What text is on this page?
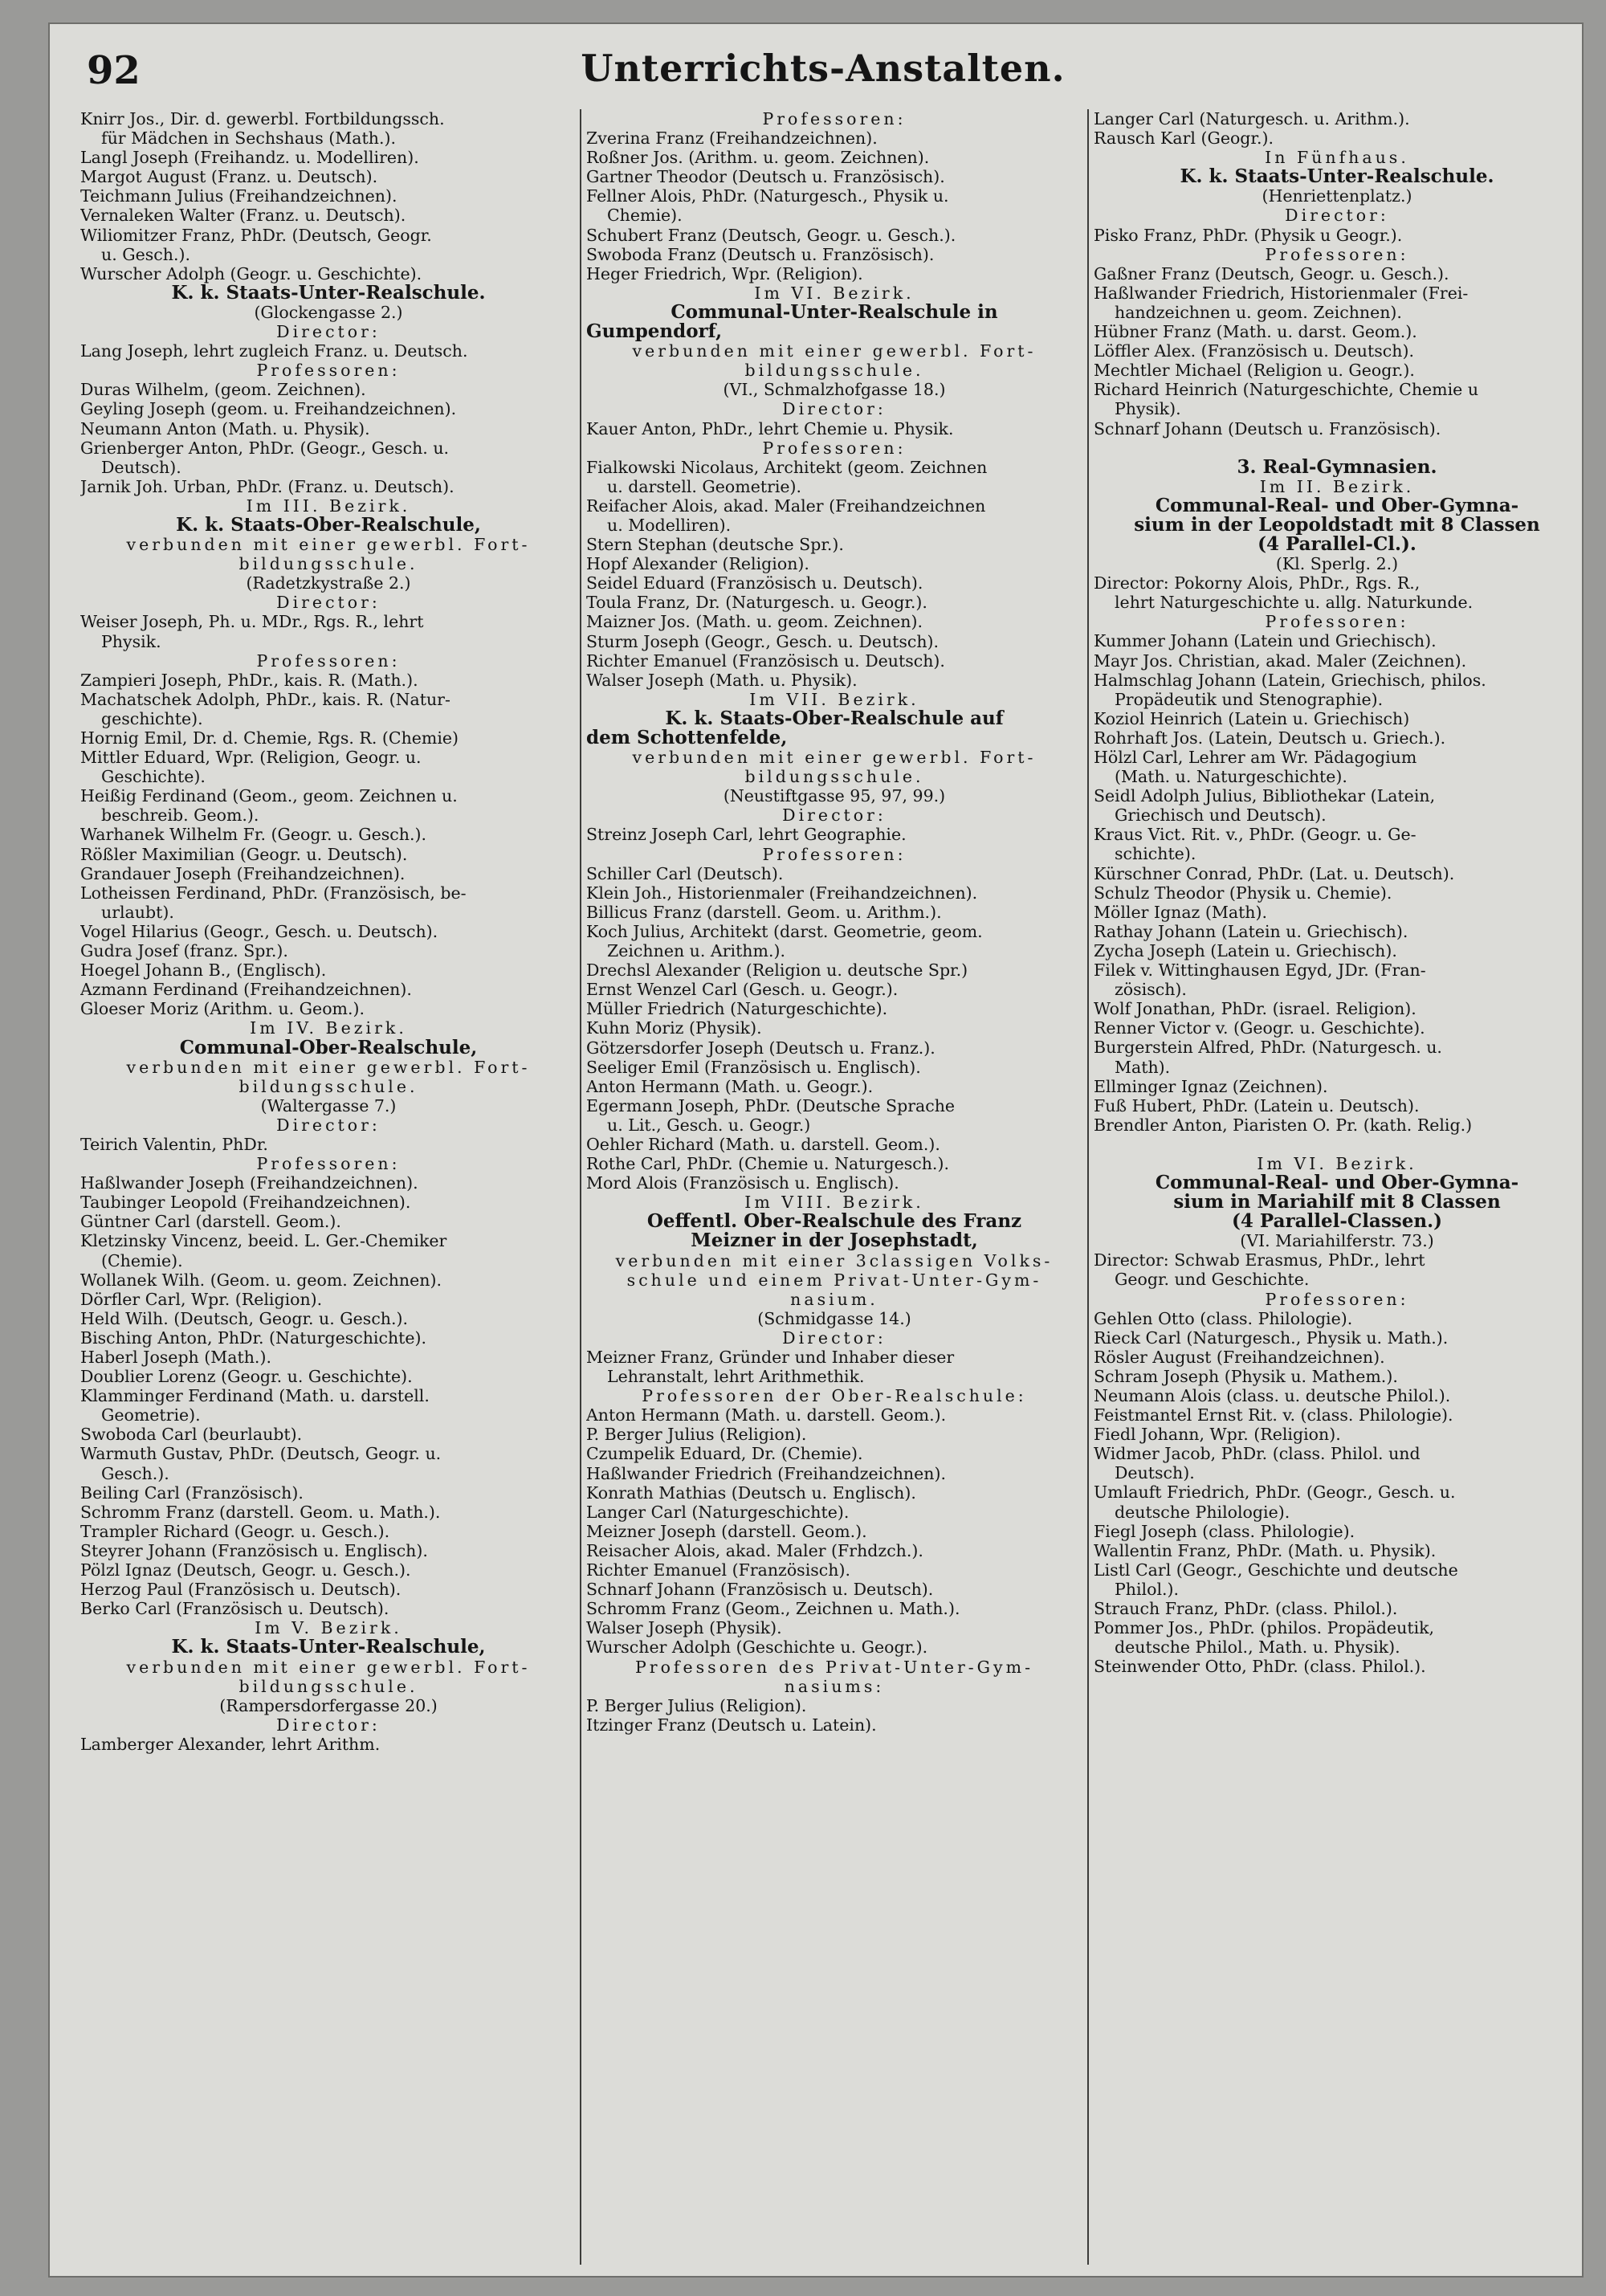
92	Unterrichts-Anstalten.
Knirr Jos., Dir. d. gewerbl. Fortbildungssch.
für Mädchen in Sechshaus (Math.).
Langl Joseph (Freihandz. u. Modelliren).
Margot August (Franz. u. Deutsch).
Teichmann Julius (Freihandzeichnen).
Vernaleken Walter (Franz. u. Deutsch).
Wiliomitzer Franz, PhDr. (Deutsch, Geogr.
u. Gesch.).
Wurscher Adolph (Geogr. u. Geschichte).
K. k. Staats-Unter-Realschule.
(Glockengasse 2.)
Director:
Lang Joseph, lehrt zugleich Franz. u. Deutsch.
Professoren:
Duras Wilhelm, (geom. Zeichnen).
Geyling Joseph (geom. u. Freihandzeichnen).
Neumann Anton (Math. u. Physik).
Grienberger Anton, PhDr. (Geogr., Gesch. u.
Deutsch).
Jarnik Joh. Urban, PhDr. (Franz. u. Deutsch).
Im III. Bezirk.
K. k. Staats-Ober-Realschule,
verbunden mit einer gewerbl. Fort-
bildungsschule.
(Radetzkystraße 2.)
Director:
Weiser Joseph, Ph. u. MDr., Rgs. R., lehrt
Physik.
Professoren:
Zampieri Joseph, PhDr., kais. R. (Math.).
Machatschek Adolph, PhDr., kais. R. (Natur-
geschichte).
Hornig Emil, Dr. d. Chemie, Rgs. R. (Chemie)
Mittler Eduard, Wpr. (Religion, Geogr. u.
Geschichte).
Heißig Ferdinand (Geom., geom. Zeichnen u.
beschreib. Geom.).
Warhanek Wilhelm Fr. (Geogr. u. Gesch.).
Rößler Maximilian (Geogr. u. Deutsch).
Grandauer Joseph (Freihandzeichnen).
Lotheissen Ferdinand, PhDr. (Französisch, be-
urlaubt).
Vogel Hilarius (Geogr., Gesch. u. Deutsch).
Gudra Josef (franz. Spr.).
Hoegel Johann B., (Englisch).
Azmann Ferdinand (Freihandzeichnen).
Gloeser Moriz (Arithm. u. Geom.).
Im IV. Bezirk.
Communal-Ober-Realschule,
verbunden mit einer gewerbl. Fort-
bildungsschule.
(Waltergasse 7.)
Director:
Teirich Valentin, PhDr.
Professoren:
Haßlwander Joseph (Freihandzeichnen).
Taubinger Leopold (Freihandzeichnen).
Güntner Carl (darstell. Geom.).
Kletzinsky Vincenz, beeid. L. Ger.-Chemiker
(Chemie).
Wollanek Wilh. (Geom. u. geom. Zeichnen).
Dörfler Carl, Wpr. (Religion).
Held Wilh. (Deutsch, Geogr. u. Gesch.).
Bisching Anton, PhDr. (Naturgeschichte).
Haberl Joseph (Math.).
Doublier Lorenz (Geogr. u. Geschichte).
Klamminger Ferdinand (Math. u. darstell.
Geometrie).
Swoboda Carl (beurlaubt).
Warmuth Gustav, PhDr. (Deutsch, Geogr. u.
Gesch.).
Beiling Carl (Französisch).
Schromm Franz (darstell. Geom. u. Math.).
Trampler Richard (Geogr. u. Gesch.).
Steyrer Johann (Französisch u. Englisch).
Pölzl Ignaz (Deutsch, Geogr. u. Gesch.).
Herzog Paul (Französisch u. Deutsch).
Berko Carl (Französisch u. Deutsch).
Im V. Bezirk.
K. k. Staats-Unter-Realschule,
verbunden mit einer gewerbl. Fort-
bildungsschule.
(Rampersdorfergasse 20.)
Director:
Lamberger Alexander, lehrt Arithm.
Professoren:
Zverina Franz (Freihandzeichnen).
Roßner Jos. (Arithm. u. geom. Zeichnen).
Gartner Theodor (Deutsch u. Französisch).
Fellner Alois, PhDr. (Naturgesch., Physik u.
Chemie).
Schubert Franz (Deutsch, Geogr. u. Gesch.).
Swoboda Franz (Deutsch u. Französisch).
Heger Friedrich, Wpr. (Religion).
Im VI. Bezirk.
Communal-Unter-Realschule in
Gumpendorf,
verbunden mit einer gewerbl. Fort-
bildungsschule.
(VI., Schmalzhofgasse 18.)
Director:
Kauer Anton, PhDr., lehrt Chemie u. Physik.
Professoren:
Fialkowski Nicolaus, Architekt (geom. Zeichnen
u. darstell. Geometrie).
Reifacher Alois, akad. Maler (Freihandzeichnen
u. Modelliren).
Stern Stephan (deutsche Spr.).
Hopf Alexander (Religion).
Seidel Eduard (Französisch u. Deutsch).
Toula Franz, Dr. (Naturgesch. u. Geogr.).
Maizner Jos. (Math. u. geom. Zeichnen).
Sturm Joseph (Geogr., Gesch. u. Deutsch).
Richter Emanuel (Französisch u. Deutsch).
Walser Joseph (Math. u. Physik).
Im VII. Bezirk.
K. k. Staats-Ober-Realschule auf
dem Schottenfelde,
verbunden mit einer gewerbl. Fort-
bildungsschule.
(Neustiftgasse 95, 97, 99.)
Director:
Streinz Joseph Carl, lehrt Geographie.
Professoren:
Schiller Carl (Deutsch).
Klein Joh., Historienmaler (Freihandzeichnen).
Billicus Franz (darstell. Geom. u. Arithm.).
Koch Julius, Architekt (darst. Geometrie, geom.
Zeichnen u. Arithm.).
Drechsl Alexander (Religion u. deutsche Spr.)
Ernst Wenzel Carl (Gesch. u. Geogr.).
Müller Friedrich (Naturgeschichte).
Kuhn Moriz (Physik).
Götzersdorfer Joseph (Deutsch u. Franz.).
Seeliger Emil (Französisch u. Englisch).
Anton Hermann (Math. u. Geogr.).
Egermann Joseph, PhDr. (Deutsche Sprache
u. Lit., Gesch. u. Geogr.)
Oehler Richard (Math. u. darstell. Geom.).
Rothe Carl, PhDr. (Chemie u. Naturgesch.).
Mord Alois (Französisch u. Englisch).
Im VIII. Bezirk.
Oeffentl. Ober-Realschule des Franz
Meizner in der Josephstadt,
verbunden mit einer 3classigen Volks-
schule und einem Privat-Unter-Gym-
nasium.
(Schmidgasse 14.)
Director:
Meizner Franz, Gründer und Inhaber dieser
Lehranstalt, lehrt Arithmethik.
Professoren der Ober-Realschule:
Anton Hermann (Math. u. darstell. Geom.).
P. Berger Julius (Religion).
Czumpelik Eduard, Dr. (Chemie).
Haßlwander Friedrich (Freihandzeichnen).
Konrath Mathias (Deutsch u. Englisch).
Langer Carl (Naturgeschichte).
Meizner Joseph (darstell. Geom.).
Reisacher Alois, akad. Maler (Frhdzch.).
Richter Emanuel (Französisch).
Schnarf Johann (Französisch u. Deutsch).
Schromm Franz (Geom., Zeichnen u. Math.).
Walser Joseph (Physik).
Wurscher Adolph (Geschichte u. Geogr.).
Professoren des Privat-Unter-Gym-
nasiums:
P. Berger Julius (Religion).
Itzinger Franz (Deutsch u. Latein).
Langer Carl (Naturgesch. u. Arithm.).
Rausch Karl (Geogr.).
In Fünfhaus.
K. k. Staats-Unter-Realschule.
(Henriettenplatz.)
Director:
Pisko Franz, PhDr. (Physik u Geogr.).
Professoren:
Gaßner Franz (Deutsch, Geogr. u. Gesch.).
Haßlwander Friedrich, Historienmaler (Frei-
handzeichnen u. geom. Zeichnen).
Hübner Franz (Math. u. darst. Geom.).
Löffler Alex. (Französisch u. Deutsch).
Mechtler Michael (Religion u. Geogr.).
Richard Heinrich (Naturgeschichte, Chemie u
Physik).
Schnarf Johann (Deutsch u. Französisch).
3. Real-Gymnasien.
Im II. Bezirk.
Communal-Real- und Ober-Gymna-
sium in der Leopoldstadt mit 8 Classen
(4 Parallel-Cl.).
(Kl. Sperlg. 2.)
Director: Pokorny Alois, PhDr., Rgs. R.,
lehrt Naturgeschichte u. allg. Naturkunde.
Professoren:
Kummer Johann (Latein und Griechisch).
Mayr Jos. Christian, akad. Maler (Zeichnen).
Halmschlag Johann (Latein, Griechisch, philos.
Propädeutik und Stenographie).
Koziol Heinrich (Latein u. Griechisch)
Rohrhaft Jos. (Latein, Deutsch u. Griech.).
Hölzl Carl, Lehrer am Wr. Pädagogium
(Math. u. Naturgeschichte).
Seidl Adolph Julius, Bibliothekar (Latein,
Griechisch und Deutsch).
Kraus Vict. Rit. v., PhDr. (Geogr. u. Ge-
schichte).
Kürschner Conrad, PhDr. (Lat. u. Deutsch).
Schulz Theodor (Physik u. Chemie).
Möller Ignaz (Math).
Rathay Johann (Latein u. Griechisch).
Zycha Joseph (Latein u. Griechisch).
Filek v. Wittinghausen Egyd, JDr. (Fran-
zösisch).
Wolf Jonathan, PhDr. (israel. Religion).
Renner Victor v. (Geogr. u. Geschichte).
Burgerstein Alfred, PhDr. (Naturgesch. u.
Math).
Ellminger Ignaz (Zeichnen).
Fuß Hubert, PhDr. (Latein u. Deutsch).
Brendler Anton, Piaristen O. Pr. (kath. Relig.)
Im VI. Bezirk.
Communal-Real- und Ober-Gymna-
sium in Mariahilf mit 8 Classen
(4 Parallel-Classen.)
(VI. Mariahilferstr. 73.)
Director: Schwab Erasmus, PhDr., lehrt
Geogr. und Geschichte.
Professoren:
Gehlen Otto (class. Philologie).
Rieck Carl (Naturgesch., Physik u. Math.).
Rösler August (Freihandzeichnen).
Schram Joseph (Physik u. Mathem.).
Neumann Alois (class. u. deutsche Philol.).
Feistmantel Ernst Rit. v. (class. Philologie).
Fiedl Johann, Wpr. (Religion).
Widmer Jacob, PhDr. (class. Philol. und
Deutsch).
Umlauft Friedrich, PhDr. (Geogr., Gesch. u.
deutsche Philologie).
Fiegl Joseph (class. Philologie).
Wallentin Franz, PhDr. (Math. u. Physik).
Listl Carl (Geogr., Geschichte und deutsche
Philol.).
Strauch Franz, PhDr. (class. Philol.).
Pommer Jos., PhDr. (philos. Propädeutik,
deutsche Philol., Math. u. Physik).
Steinwender Otto, PhDr. (class. Philol.).
